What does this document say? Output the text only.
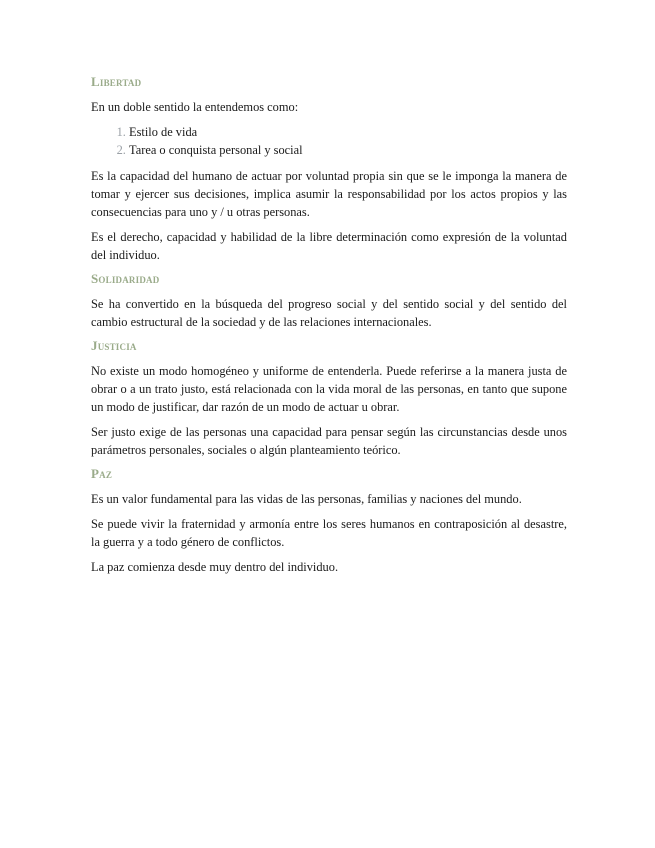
Libertad

En un doble sentido la entendemos como:

1. Estilo de vida
2. Tarea o conquista personal y social

Es la capacidad del humano de actuar por voluntad propia sin que se le imponga la manera de tomar y ejercer sus decisiones, implica asumir la responsabilidad por los actos propios y las consecuencias para uno y / u otras personas.

Es el derecho, capacidad y habilidad de la libre determinación como expresión de la voluntad del individuo.

Solidaridad

Se ha convertido en la búsqueda del progreso social y del sentido social y del sentido del cambio estructural de la sociedad y de las relaciones internacionales.

Justicia

No existe un modo homogéneo y uniforme de entenderla. Puede referirse a la manera justa de obrar o a un trato justo, está relacionada con la vida moral de las personas, en tanto que supone un modo de justificar, dar razón de un modo de actuar u obrar.

Ser justo exige de las personas una capacidad para pensar según las circunstancias desde unos parámetros personales, sociales o algún planteamiento teórico.

Paz

Es un valor fundamental para las vidas de las personas, familias y naciones del mundo.

Se puede vivir la fraternidad y armonía entre los seres humanos en contraposición al desastre, la guerra y a todo género de conflictos.

La paz comienza desde muy dentro del individuo.
